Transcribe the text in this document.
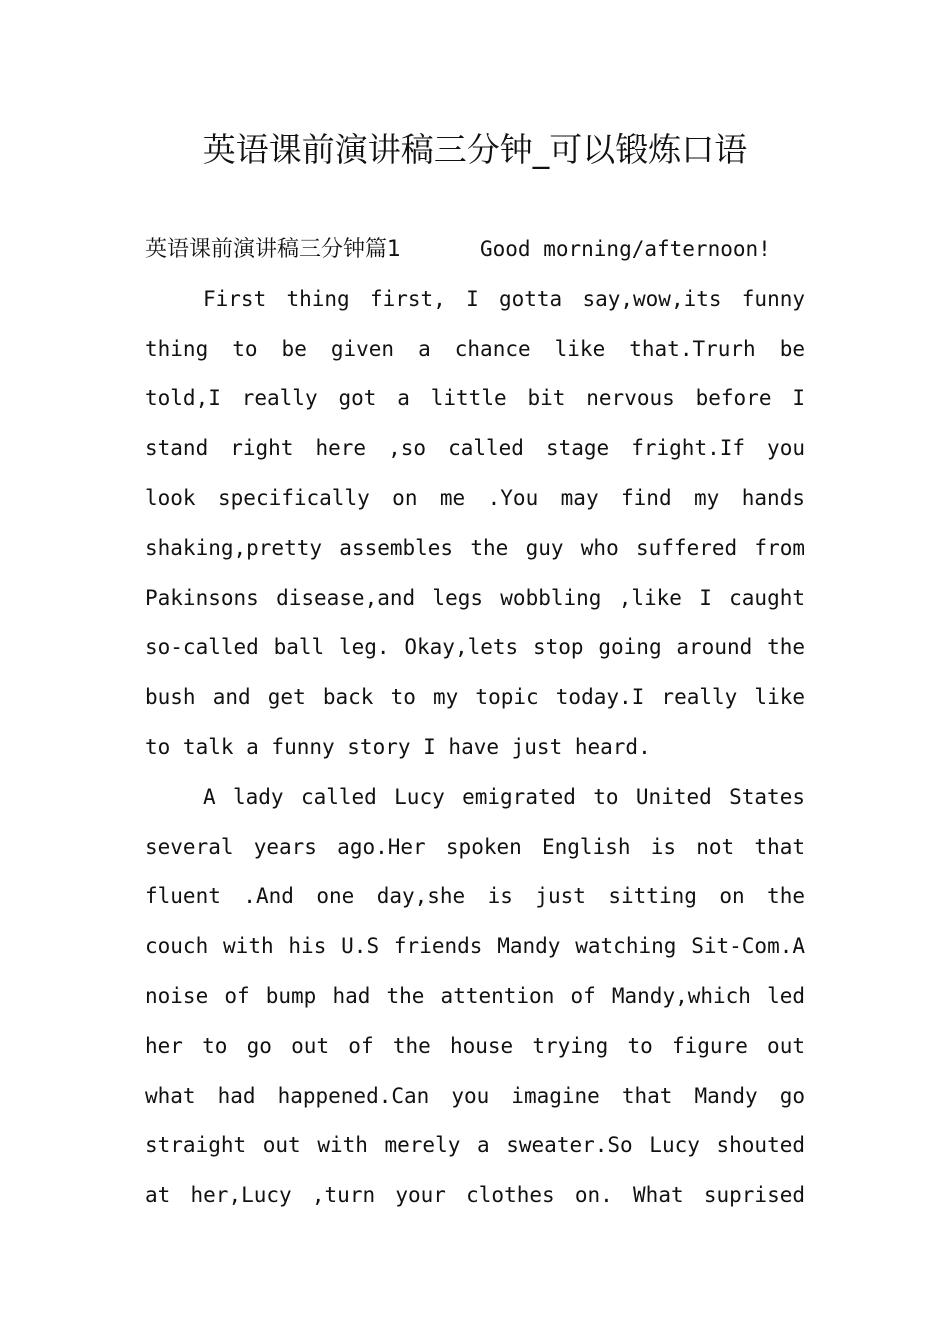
英语课前演讲稿三分钟_可以锻炼口语
英语课前演讲稿三分钟篇1	Good morning/afternoon!
First thing first, I gotta say,wow,its funny
thing to be given a chance like that.Trurh be
told,I really got a little bit nervous before I
stand right here ,so called stage fright.If you
look specifically on me .You may find my hands
shaking,pretty assembles the guy who suffered from
Pakinsons disease,and legs wobbling ,like I caught
so-called ball leg. Okay,lets stop going around the
bush and get back to my topic today.I really like
to talk a funny story I have just heard.
A lady called Lucy emigrated to United States
several years ago.Her spoken English is not that
fluent .And one day,she is just sitting on the
couch with his U.S friends Mandy watching Sit-Com.A
noise of bump had the attention of Mandy,which led
her to go out of the house trying to figure out
what had happened.Can you imagine that Mandy go
straight out with merely a sweater.So Lucy shouted
at her,Lucy ,turn your clothes on. What suprised
